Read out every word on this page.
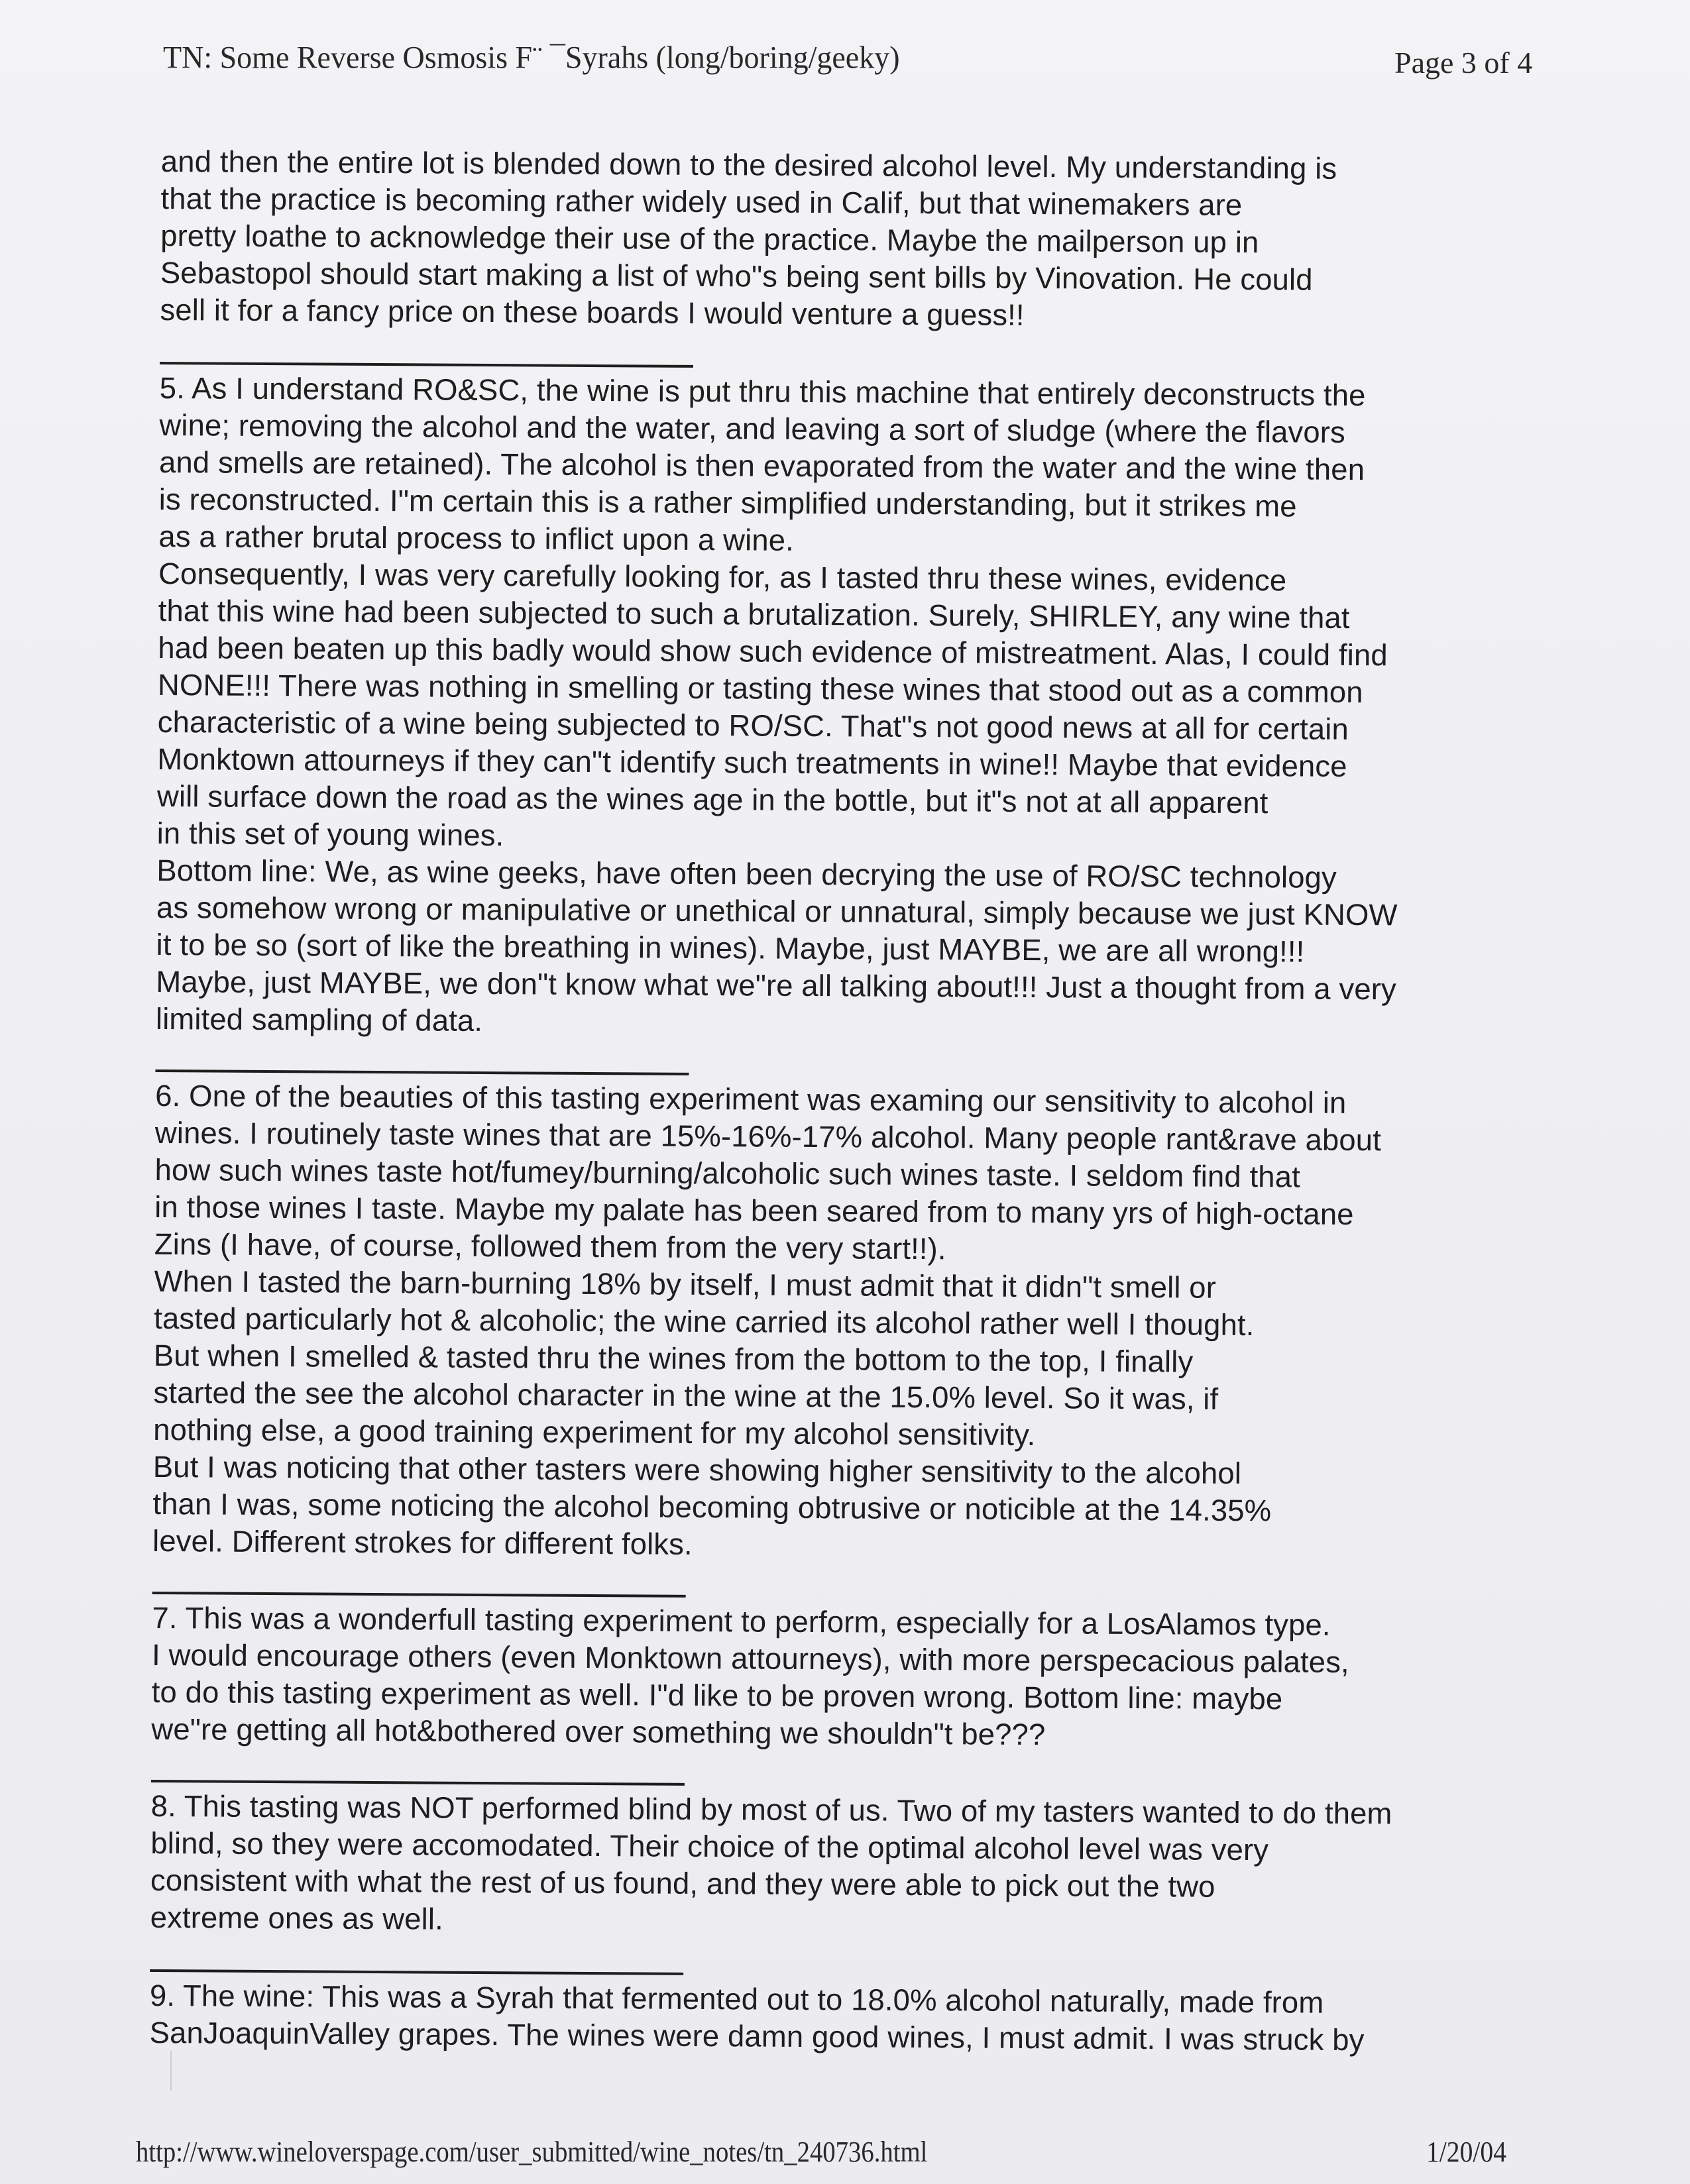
TN: Some Reverse Osmosis F¨ ¯Syrahs (long/boring/geeky)	Page 3 of 4
and then the entire lot is blended down to the desired alcohol level. My understanding is
that the practice is becoming rather widely used in Calif, but that winemakers are
pretty loathe to acknowledge their use of the practice. Maybe the mailperson up in
Sebastopol should start making a list of who"s being sent bills by Vinovation. He could
sell it for a fancy price on these boards I would venture a guess!!
5. As I understand RO&SC, the wine is put thru this machine that entirely deconstructs the
wine; removing the alcohol and the water, and leaving a sort of sludge (where the flavors
and smells are retained). The alcohol is then evaporated from the water and the wine then
is reconstructed. I"m certain this is a rather simplified understanding, but it strikes me
as a rather brutal process to inflict upon a wine.
Consequently, I was very carefully looking for, as I tasted thru these wines, evidence
that this wine had been subjected to such a brutalization. Surely, SHIRLEY, any wine that
had been beaten up this badly would show such evidence of mistreatment. Alas, I could find
NONE!!! There was nothing in smelling or tasting these wines that stood out as a common
characteristic of a wine being subjected to RO/SC. That"s not good news at all for certain
Monktown attourneys if they can"t identify such treatments in wine!! Maybe that evidence
will surface down the road as the wines age in the bottle, but it"s not at all apparent
in this set of young wines.
Bottom line: We, as wine geeks, have often been decrying the use of RO/SC technology
as somehow wrong or manipulative or unethical or unnatural, simply because we just KNOW
it to be so (sort of like the breathing in wines). Maybe, just MAYBE, we are all wrong!!!
Maybe, just MAYBE, we don"t know what we"re all talking about!!! Just a thought from a very
limited sampling of data.
6. One of the beauties of this tasting experiment was examing our sensitivity to alcohol in
wines. I routinely taste wines that are 15%-16%-17% alcohol. Many people rant&rave about
how such wines taste hot/fumey/burning/alcoholic such wines taste. I seldom find that
in those wines I taste. Maybe my palate has been seared from to many yrs of high-octane
Zins (I have, of course, followed them from the very start!!).
When I tasted the barn-burning 18% by itself, I must admit that it didn"t smell or
tasted particularly hot & alcoholic; the wine carried its alcohol rather well I thought.
But when I smelled & tasted thru the wines from the bottom to the top, I finally
started the see the alcohol character in the wine at the 15.0% level. So it was, if
nothing else, a good training experiment for my alcohol sensitivity.
But I was noticing that other tasters were showing higher sensitivity to the alcohol
than I was, some noticing the alcohol becoming obtrusive or noticible at the 14.35%
level. Different strokes for different folks.
7. This was a wonderfull tasting experiment to perform, especially for a LosAlamos type.
I would encourage others (even Monktown attourneys), with more perspecacious palates,
to do this tasting experiment as well. I"d like to be proven wrong. Bottom line: maybe
we"re getting all hot&bothered over something we shouldn"t be???
8. This tasting was NOT performed blind by most of us. Two of my tasters wanted to do them
blind, so they were accomodated. Their choice of the optimal alcohol level was very
consistent with what the rest of us found, and they were able to pick out the two
extreme ones as well.
9. The wine: This was a Syrah that fermented out to 18.0% alcohol naturally, made from
SanJoaquinValley grapes. The wines were damn good wines, I must admit. I was struck by
http://www.wineloverspage.com/user_submitted/wine_notes/tn_240736.html	1/20/04
